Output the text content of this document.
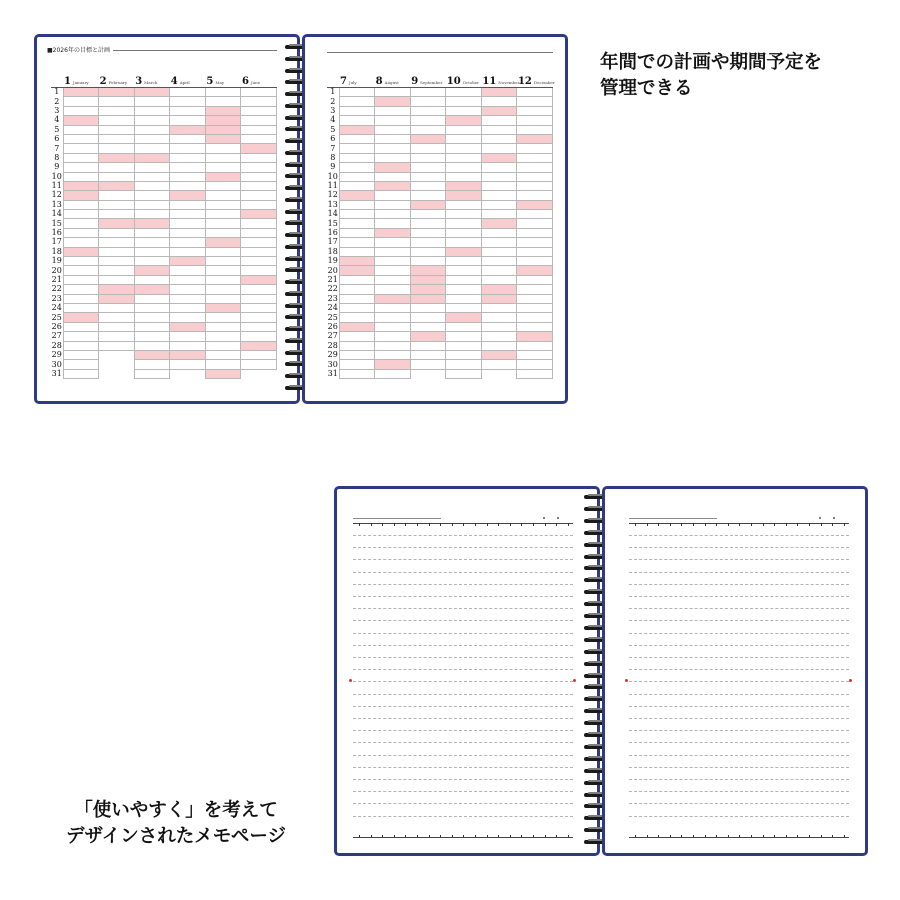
■2026年の目標と計画
	1 January	2 February	3 March	4 April	5 May	6 June
1						
2						
3						
4						
5						
6						
7						
8						
9						
10						
11						
12						
13						
14						
15						
16						
17						
18						
19						
20						
21						
22						
23						
24						
25						
26						
27						
28						
29						
30						
31						
	7 July	8 August	9 September	10 October	11 November	12 December
1						
2						
3						
4						
5						
6						
7						
8						
9						
10						
11						
12						
13						
14						
15						
16						
17						
18						
19						
20						
21						
22						
23						
24						
25						
26						
27						
28						
29						
30						
31						
年間での計画や期間予定を
管理できる
「使いやすく」を考えて
デザインされたメモページ
